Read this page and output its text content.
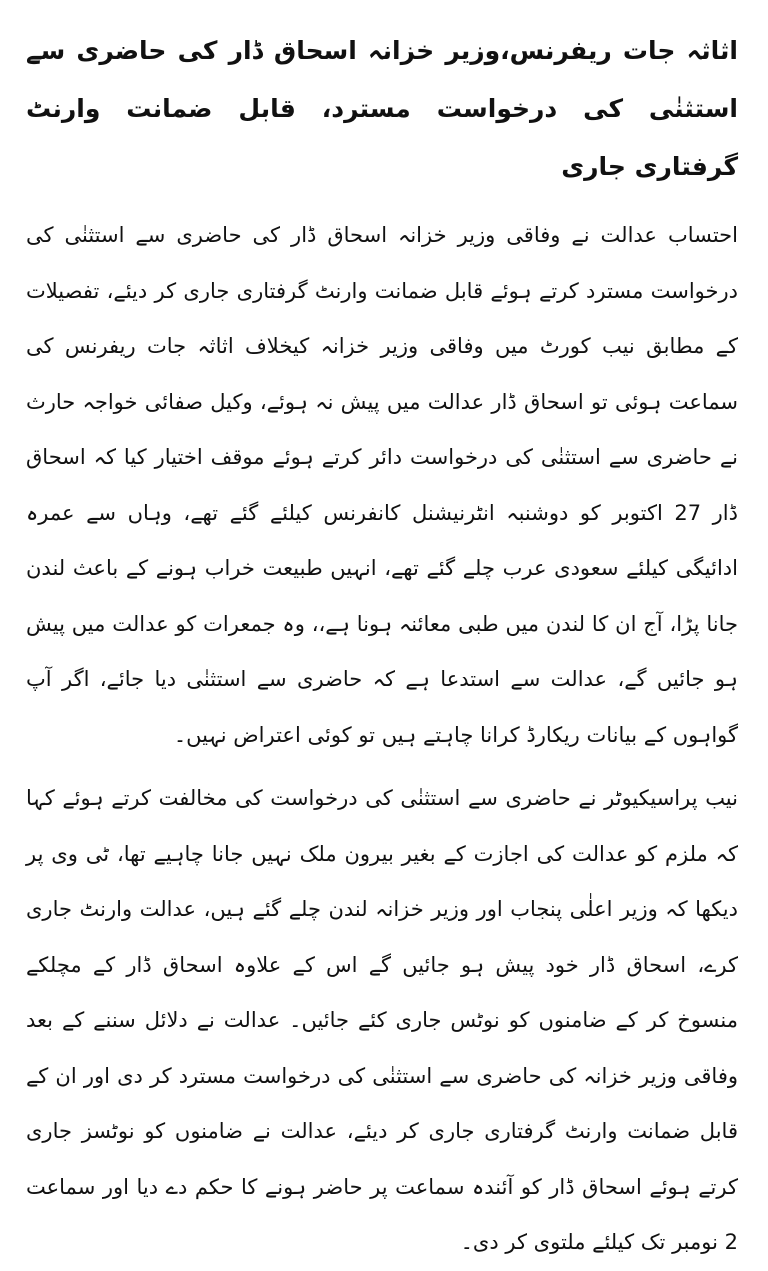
اثاثہ جات ریفرنس،وزیر خزانہ اسحاق ڈار کی حاضری سے استثنٰی کی درخواست مسترد، قابل ضمانت وارنٹ گرفتاری جاری

احتساب عدالت نے وفاقی وزیر خزانہ اسحاق ڈار کی حاضری سے استثنٰی کی درخواست مسترد کرتے ہوئے قابل ضمانت وارنٹ گرفتاری جاری کر دیئے، تفصیلات کے مطابق نیب کورٹ میں وفاقی وزیر خزانہ کیخلاف اثاثہ جات ریفرنس کی سماعت ہوئی تو اسحاق ڈار عدالت میں پیش نہ ہوئے، وکیل صفائی خواجہ حارث نے حاضری سے استثنٰی کی درخواست دائر کرتے ہوئے موقف اختیار کیا کہ اسحاق ڈار 27 اکتوبر کو دوشنبہ انٹرنیشنل کانفرنس کیلئے گئے تھے، وہاں سے عمرہ ادائیگی کیلئے سعودی عرب چلے گئے تھے، انہیں طبیعت خراب ہونے کے باعث لندن جانا پڑا، آج ان کا لندن میں طبی معائنہ ہونا ہے،، وہ جمعرات کو عدالت میں پیش ہو جائیں گے، عدالت سے استدعا ہے کہ حاضری سے استثنٰی دیا جائے، اگر آپ گواہوں کے بیانات ریکارڈ کرانا چاہتے ہیں تو کوئی اعتراض نہیں۔

نیب پراسیکیوٹر نے حاضری سے استثنٰی کی درخواست کی مخالفت کرتے ہوئے کہا کہ ملزم کو عدالت کی اجازت کے بغیر بیرون ملک نہیں جانا چاہیے تھا، ٹی وی پر دیکھا کہ وزیر اعلٰی پنجاب اور وزیر خزانہ لندن چلے گئے ہیں، عدالت وارنٹ جاری کرے، اسحاق ڈار خود پیش ہو جائیں گے اس کے علاوہ اسحاق ڈار کے مچلکے منسوخ کر کے ضامنوں کو نوٹس جاری کئے جائیں۔ عدالت نے دلائل سننے کے بعد وفاقی وزیر خزانہ کی حاضری سے استثنٰی کی درخواست مسترد کر دی اور ان کے قابل ضمانت وارنٹ گرفتاری جاری کر دیئے، عدالت نے ضامنوں کو نوٹسز جاری کرتے ہوئے اسحاق ڈار کو آئندہ سماعت پر حاضر ہونے کا حکم دے دیا اور سماعت 2 نومبر تک کیلئے ملتوی کر دی۔
